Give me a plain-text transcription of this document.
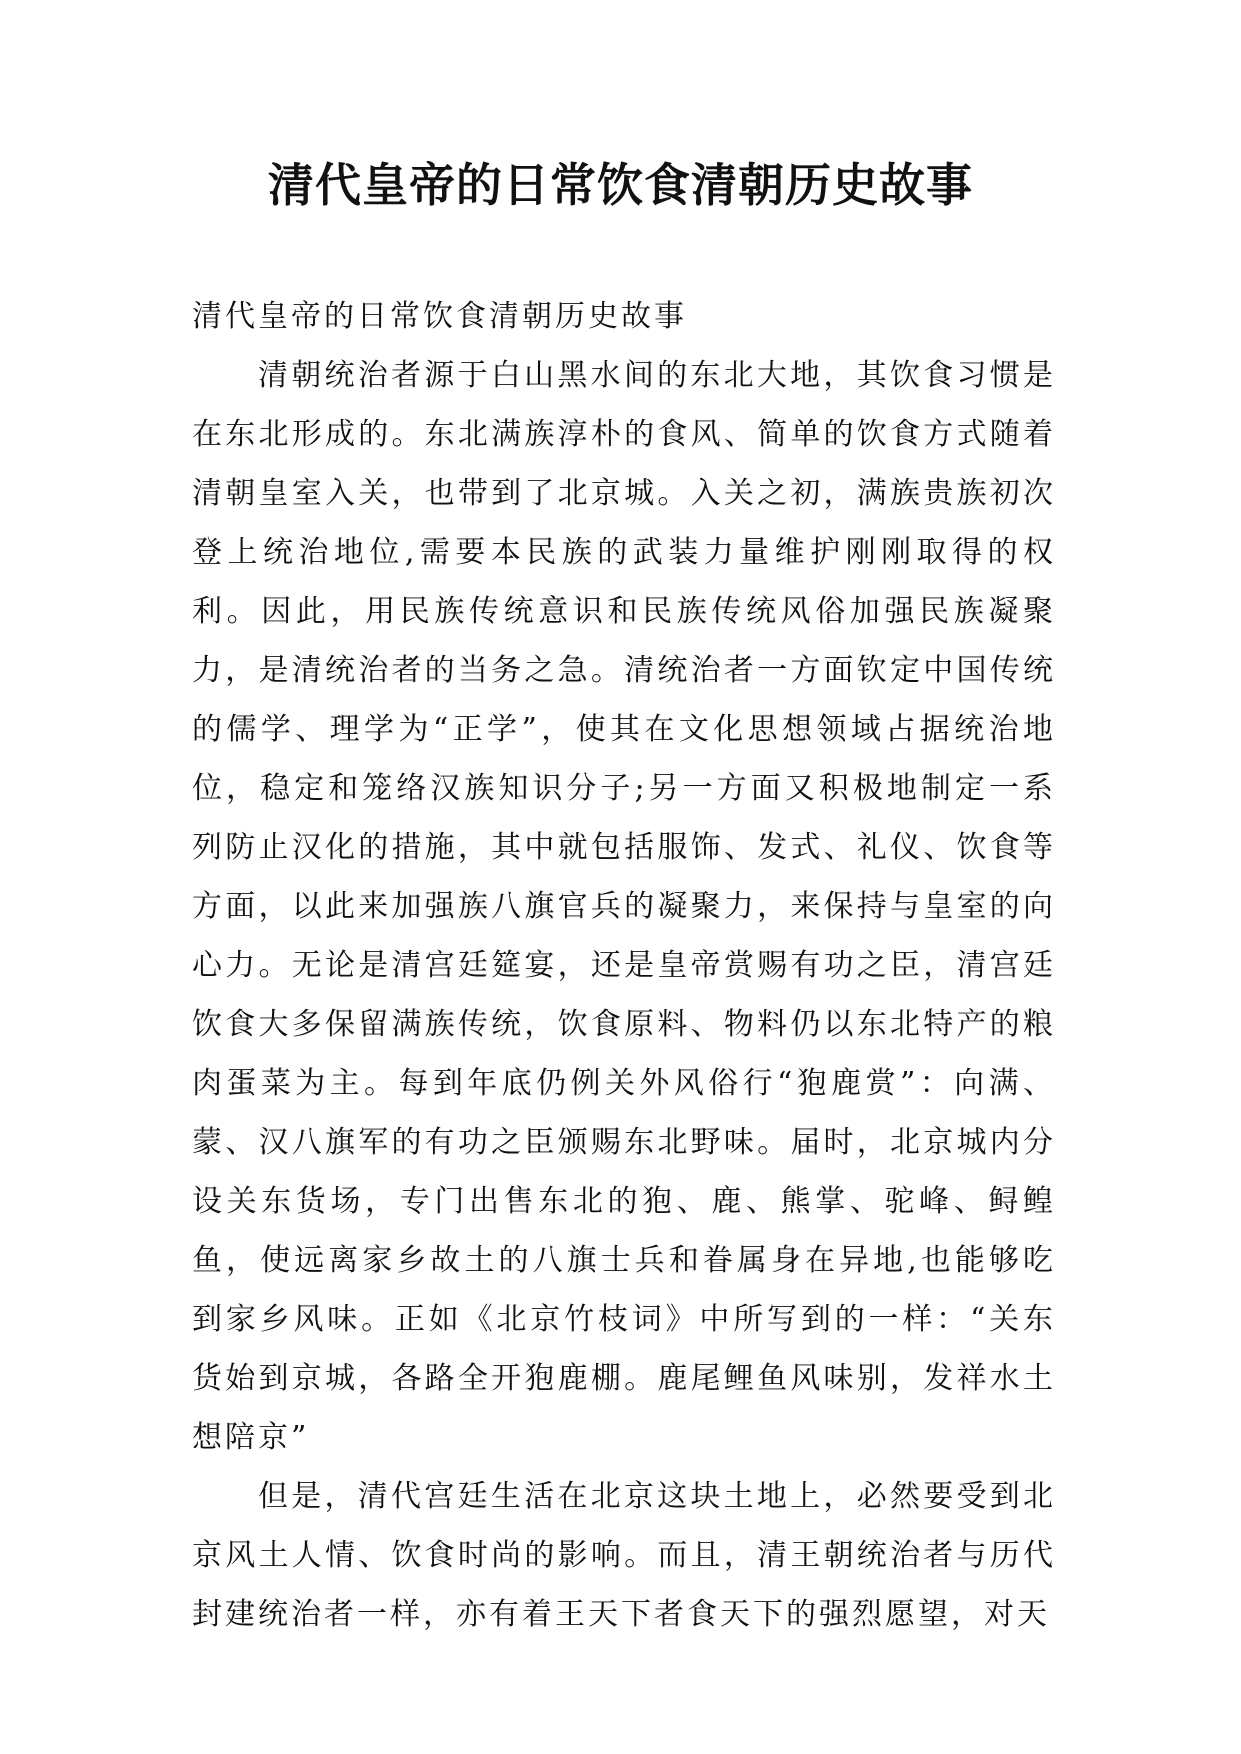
清代皇帝的日常饮食清朝历史故事

清代皇帝的日常饮食清朝历史故事

清朝统治者源于白山黑水间的东北大地，其饮食习惯是在东北形成的。东北满族淳朴的食风、简单的饮食方式随着清朝皇室入关，也带到了北京城。入关之初，满族贵族初次登上统治地位,需要本民族的武装力量维护刚刚取得的权利。因此，用民族传统意识和民族传统风俗加强民族凝聚力，是清统治者的当务之急。清统治者一方面钦定中国传统的儒学、理学为“正学”，使其在文化思想领域占据统治地位，稳定和笼络汉族知识分子;另一方面又积极地制定一系列防止汉化的措施，其中就包括服饰、发式、礼仪、饮食等方面，以此来加强族八旗官兵的凝聚力，来保持与皇室的向心力。无论是清宫廷筵宴，还是皇帝赏赐有功之臣，清宫廷饮食大多保留满族传统，饮食原料、物料仍以东北特产的粮肉蛋菜为主。每到年底仍例关外风俗行“狍鹿赏”：向满、蒙、汉八旗军的有功之臣颁赐东北野味。届时，北京城内分设关东货场，专门出售东北的狍、鹿、熊掌、驼峰、鲟鳇鱼，使远离家乡故土的八旗士兵和眷属身在异地,也能够吃到家乡风味。正如《北京竹枝词》中所写到的一样：“关东货始到京城，各路全开狍鹿棚。鹿尾鲤鱼风味别，发祥水土想陪京”

但是，清代宫廷生活在北京这块土地上，必然要受到北京风土人情、饮食时尚的影响。而且，清王朝统治者与历代封建统治者一样，亦有着王天下者食天下的强烈愿望，对天
